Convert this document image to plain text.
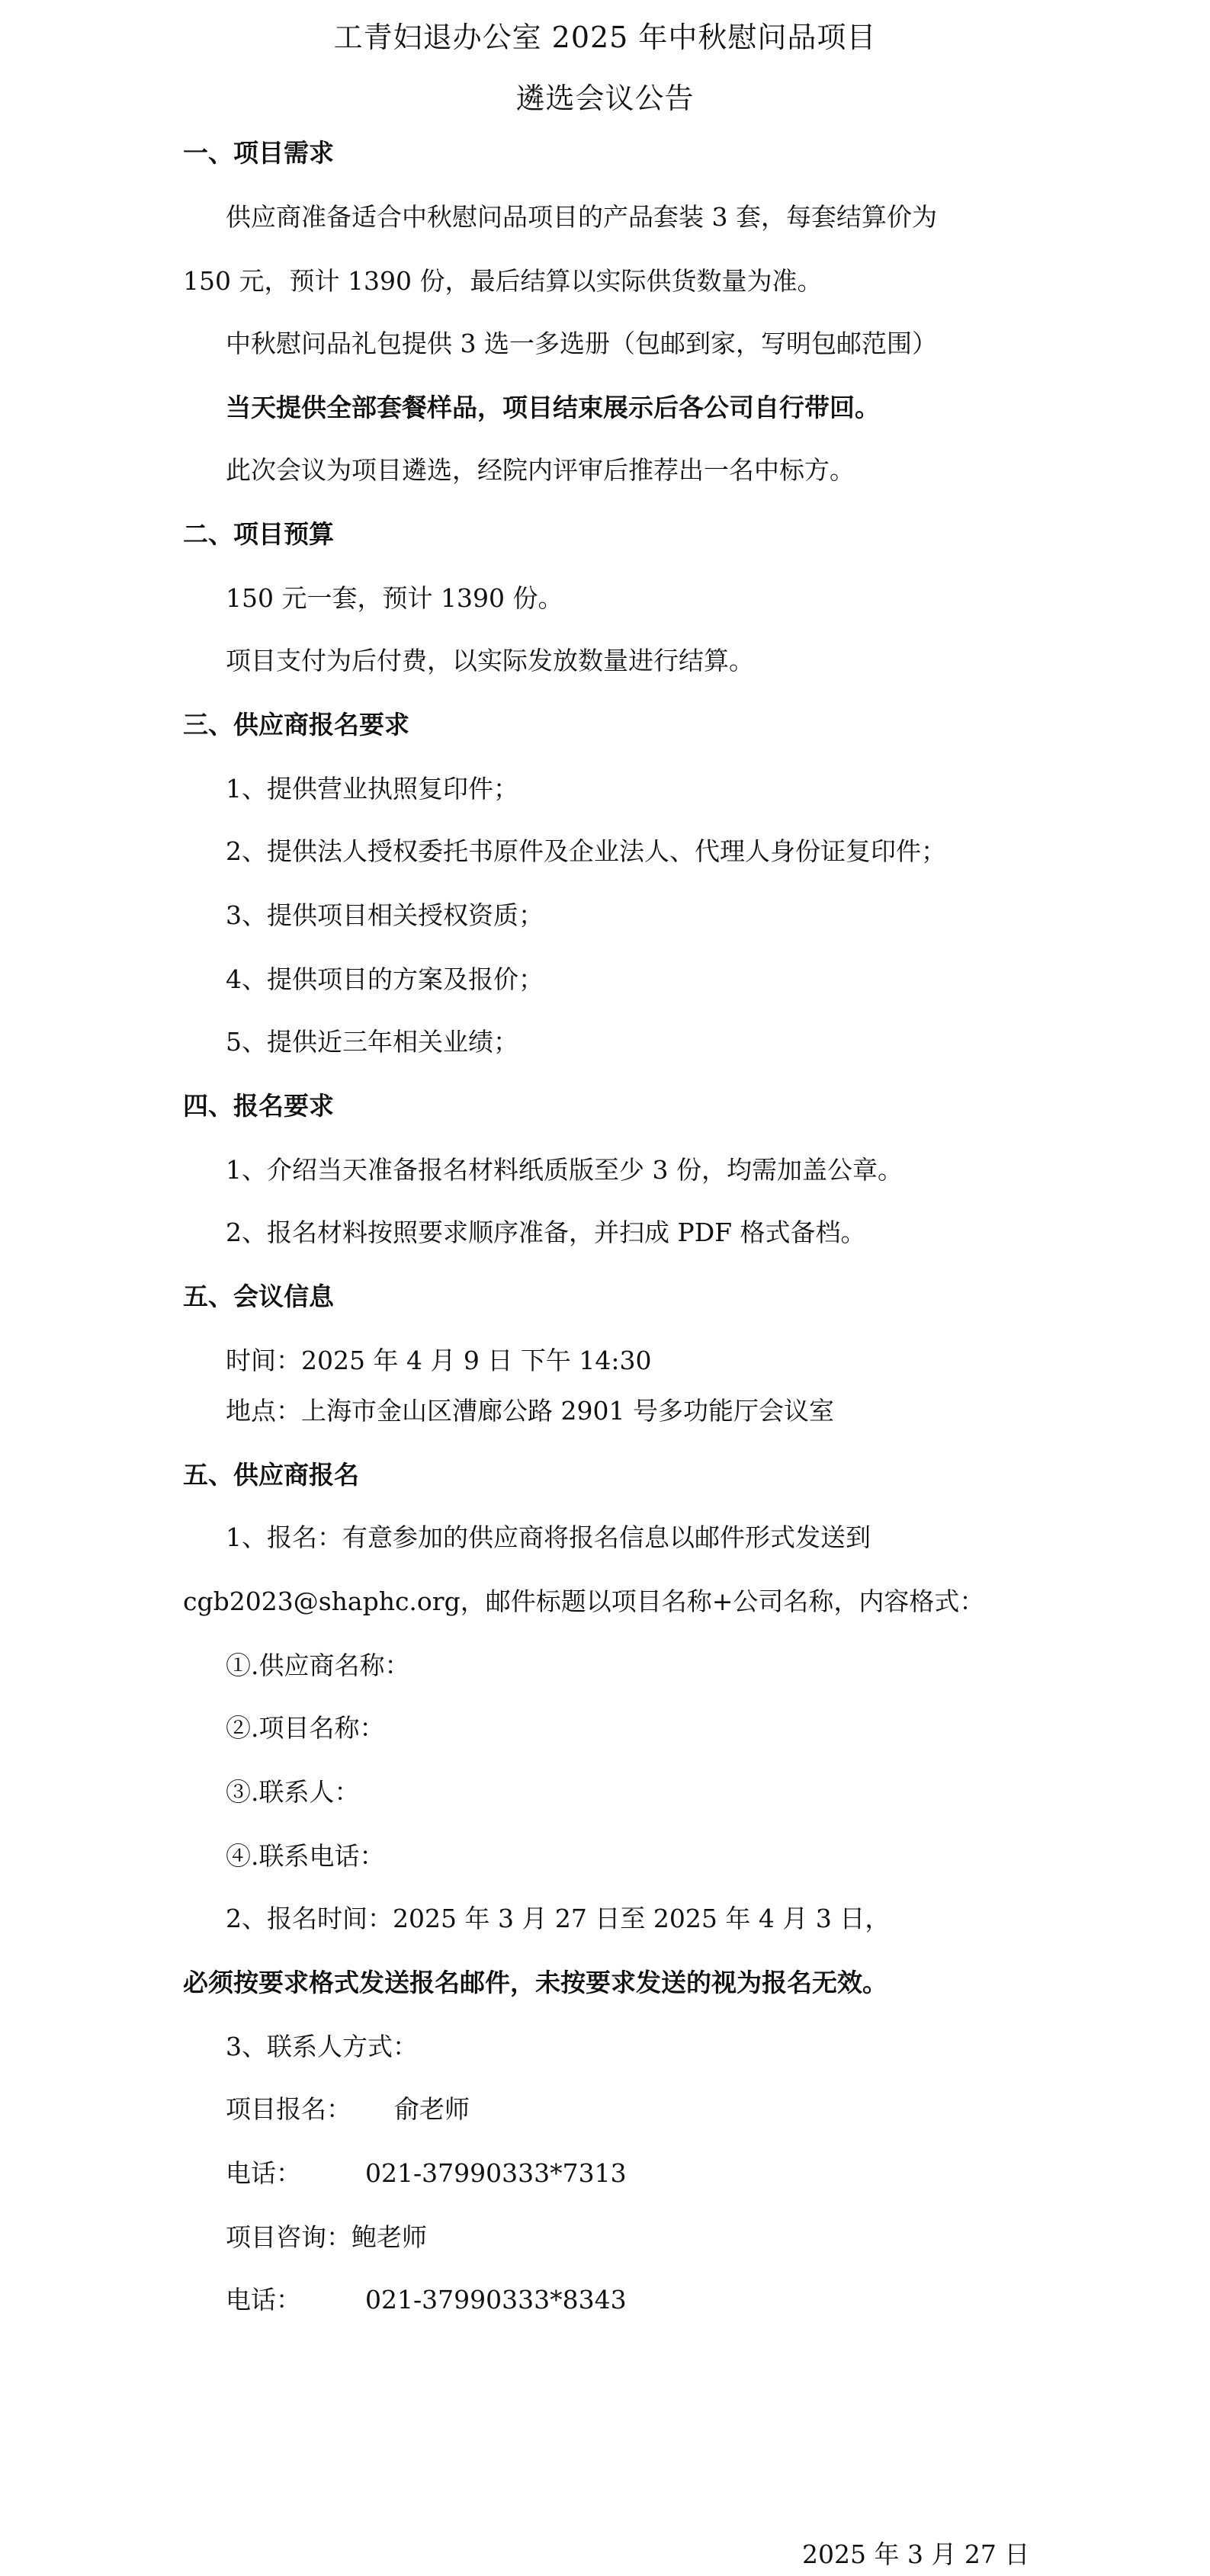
工青妇退办公室 2025 年中秋慰问品项目
遴选会议公告
一、项目需求
供应商准备适合中秋慰问品项目的产品套装 3 套，每套结算价为
150 元，预计 1390 份，最后结算以实际供货数量为准。
中秋慰问品礼包提供 3 选一多选册（包邮到家，写明包邮范围）
当天提供全部套餐样品，项目结束展示后各公司自行带回。
此次会议为项目遴选，经院内评审后推荐出一名中标方。
二、项目预算
150 元一套，预计 1390 份。
项目支付为后付费，以实际发放数量进行结算。
三、供应商报名要求
1、提供营业执照复印件；
2、提供法人授权委托书原件及企业法人、代理人身份证复印件；
3、提供项目相关授权资质；
4、提供项目的方案及报价；
5、提供近三年相关业绩；
四、报名要求
1、介绍当天准备报名材料纸质版至少 3 份，均需加盖公章。
2、报名材料按照要求顺序准备，并扫成 PDF 格式备档。
五、会议信息
时间：2025 年 4 月 9 日 下午 14:30
地点：上海市金山区漕廊公路 2901 号多功能厅会议室
五、供应商报名
1、报名：有意参加的供应商将报名信息以邮件形式发送到
cgb2023@shaphc.org，邮件标题以项目名称+公司名称，内容格式：
①.供应商名称：
②.项目名称：
③.联系人：
④.联系电话：
2、报名时间：2025 年 3 月 27 日至 2025 年 4 月 3 日，
必须按要求格式发送报名邮件，未按要求发送的视为报名无效。
3、联系人方式：
项目报名： 俞老师
电话：	021-37990333*7313
项目咨询：鲍老师
电话：	021-37990333*8343
2025 年 3 月 27 日
